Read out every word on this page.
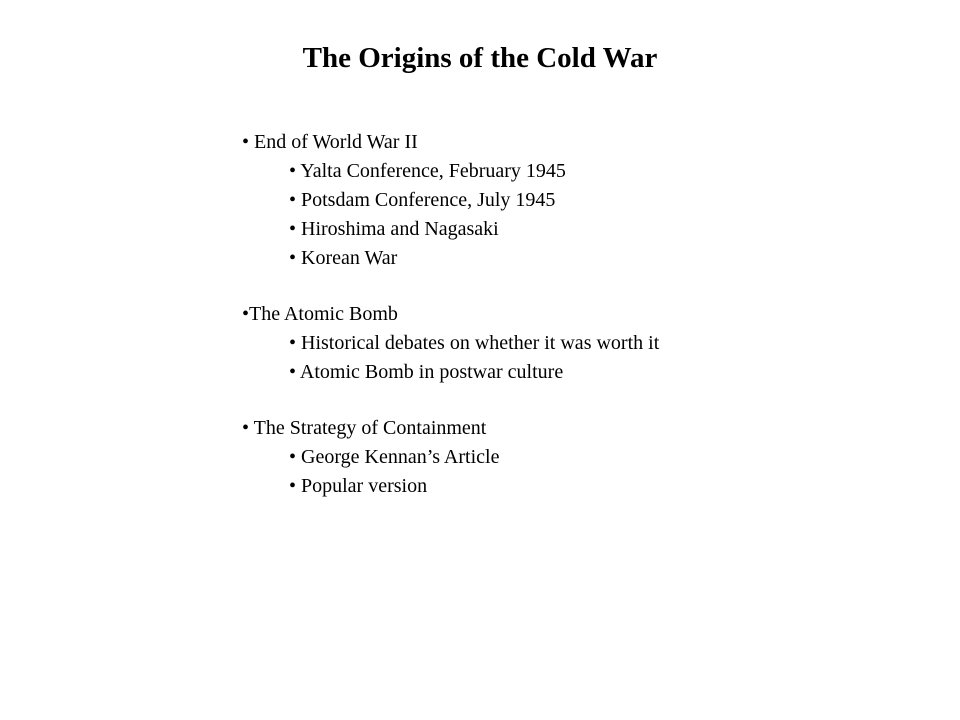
The Origins of the Cold War
• End of World War II
• Yalta Conference, February 1945
• Potsdam Conference, July 1945
• Hiroshima and Nagasaki
• Korean War
•The Atomic Bomb
• Historical debates on whether it was worth it
• Atomic Bomb in postwar culture
• The Strategy of Containment
• George Kennan’s Article
• Popular version
